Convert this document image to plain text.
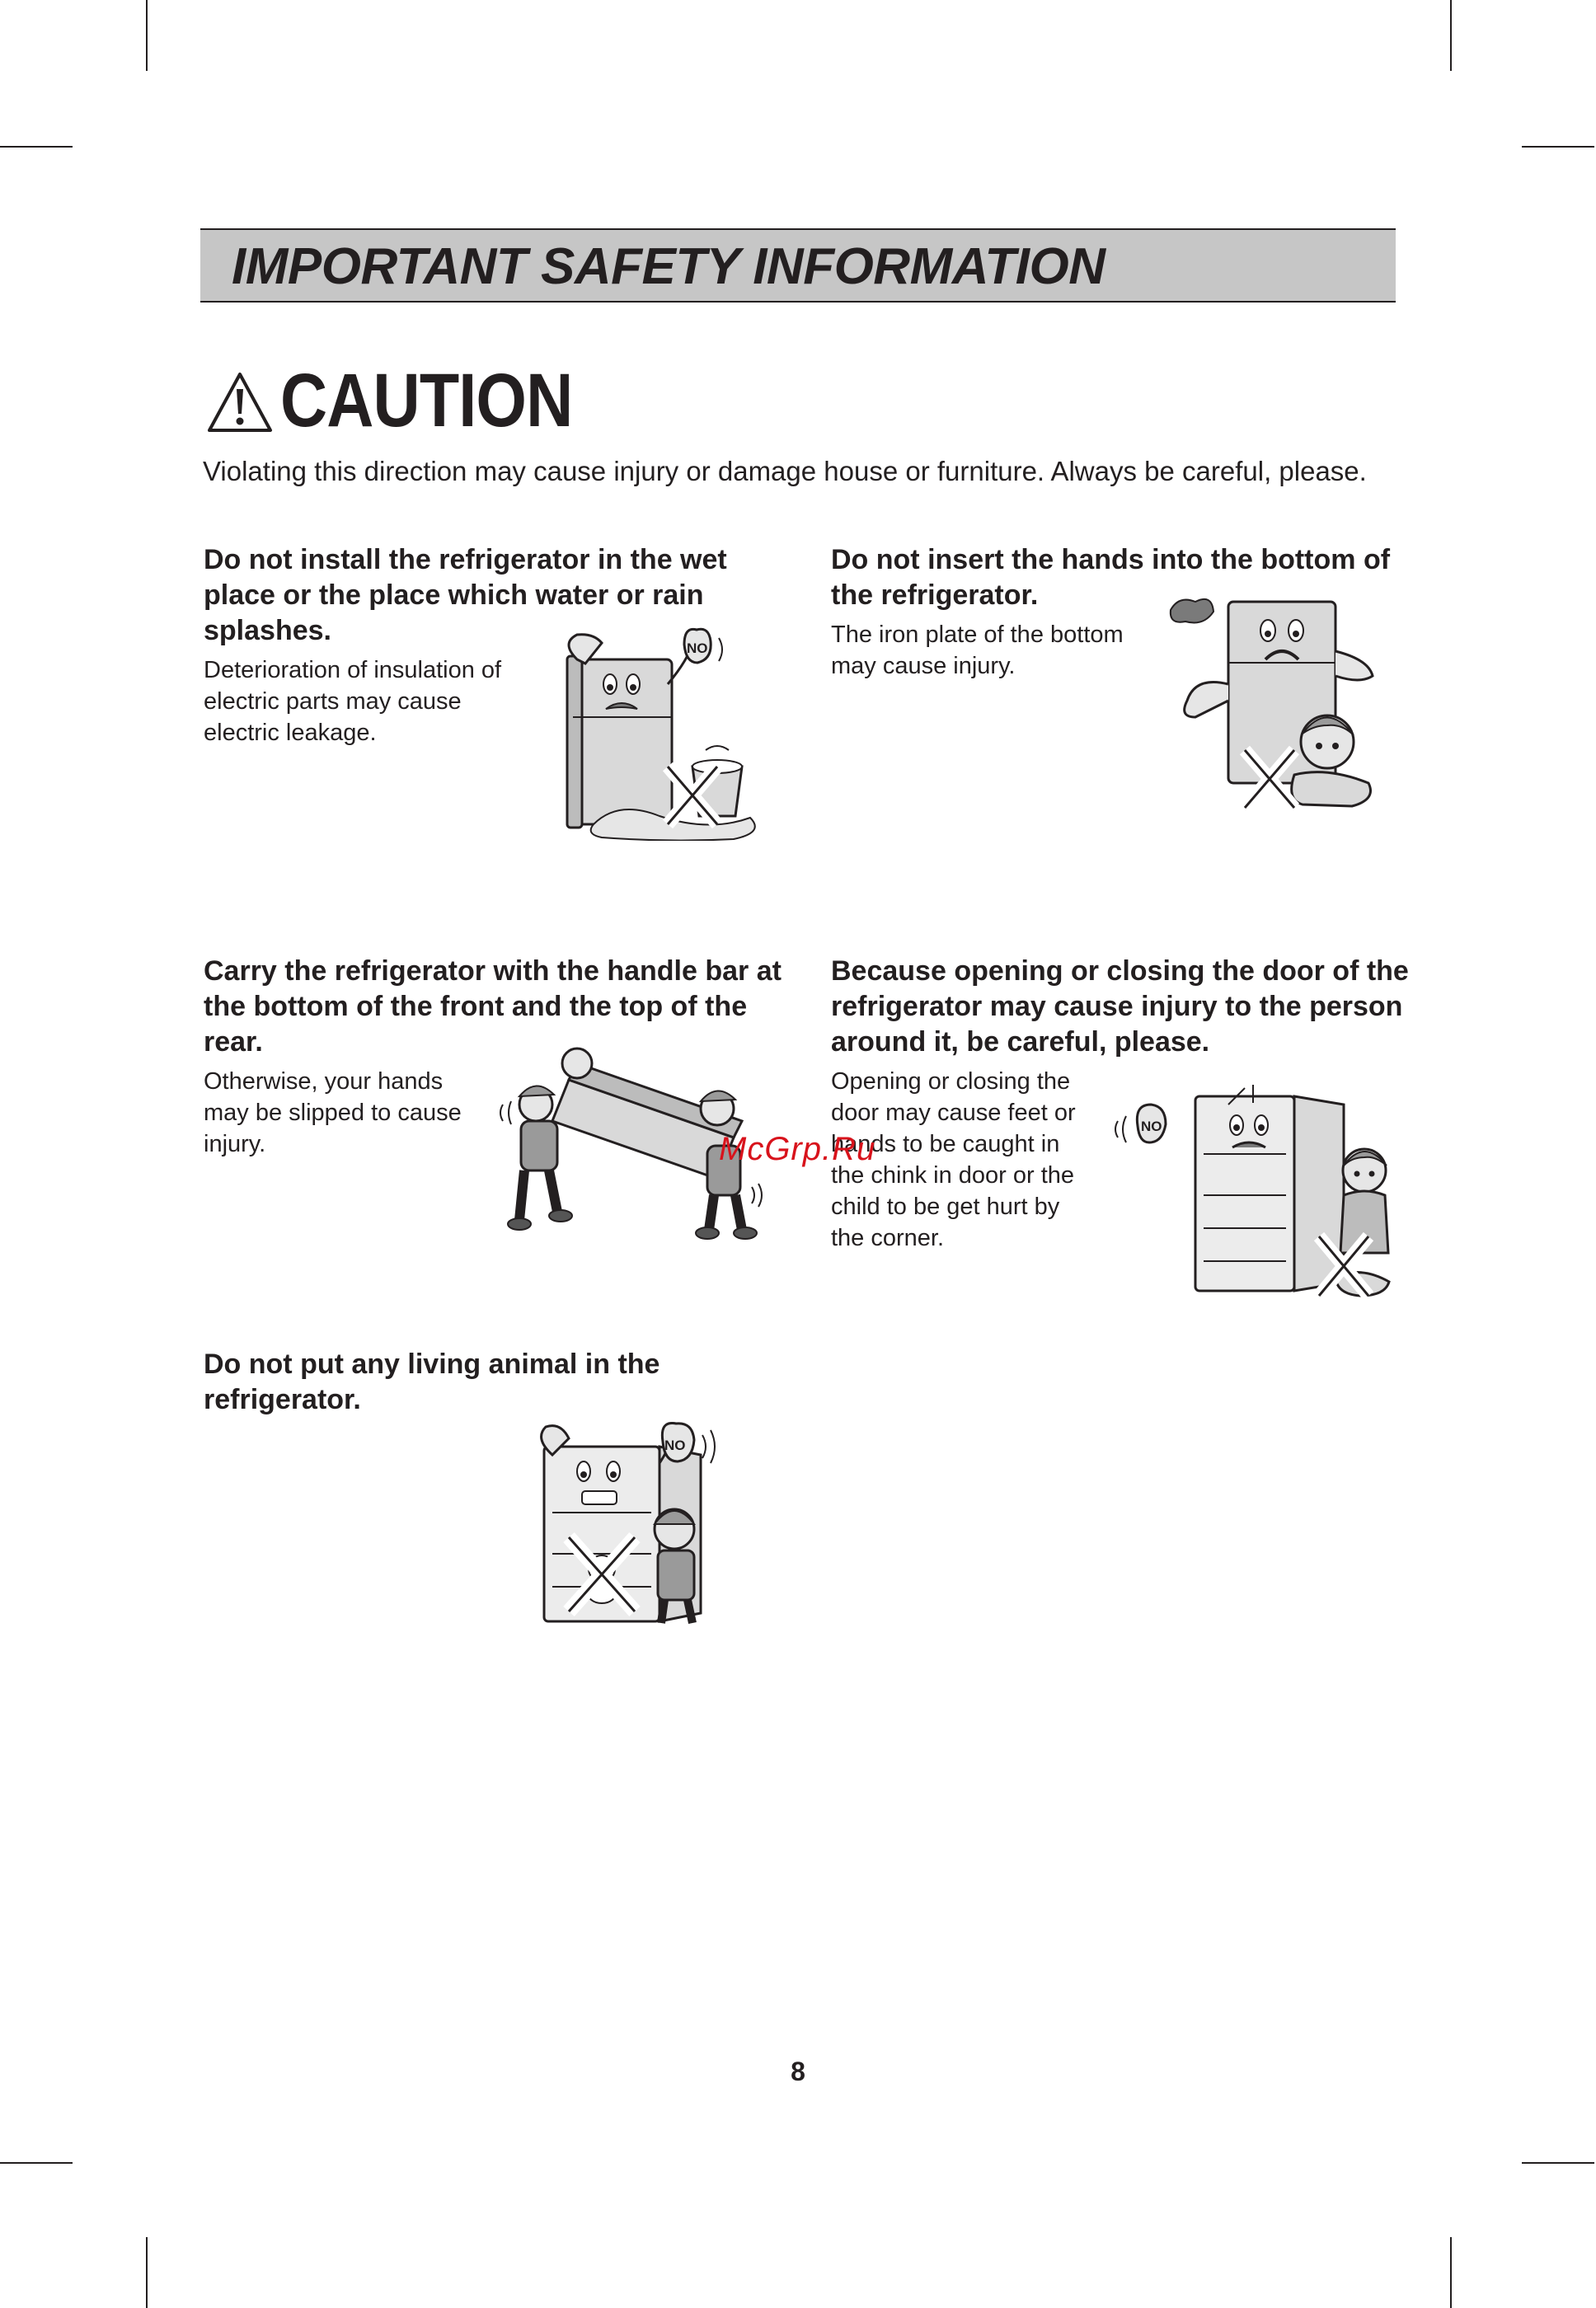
IMPORTANT SAFETY INFORMATION
CAUTION

Violating this direction may cause injury or damage house or furniture. Always be careful, please.

Do not install the refrigerator in the wet
place or the place which water or rain
splashes.

Deterioration of insulation of
electric parts may cause
electric leakage.

NO
Do not insert the hands into the bottom of
the refrigerator.

The iron plate of the bottom
may cause injury.

Carry the refrigerator with the handle bar at
the bottom of the front and the top of the
rear.

Otherwise, your hands
may be slipped to cause
injury.

Because opening or closing the door of the
refrigerator may cause injury to the person
around it, be careful, please.

Opening or closing the
door may cause feet or
hands to be caught in
the chink in door or the
child to be get hurt by
the corner.

NO
Do not put any living animal in the
refrigerator.
NO

McGrp.Ru

8
